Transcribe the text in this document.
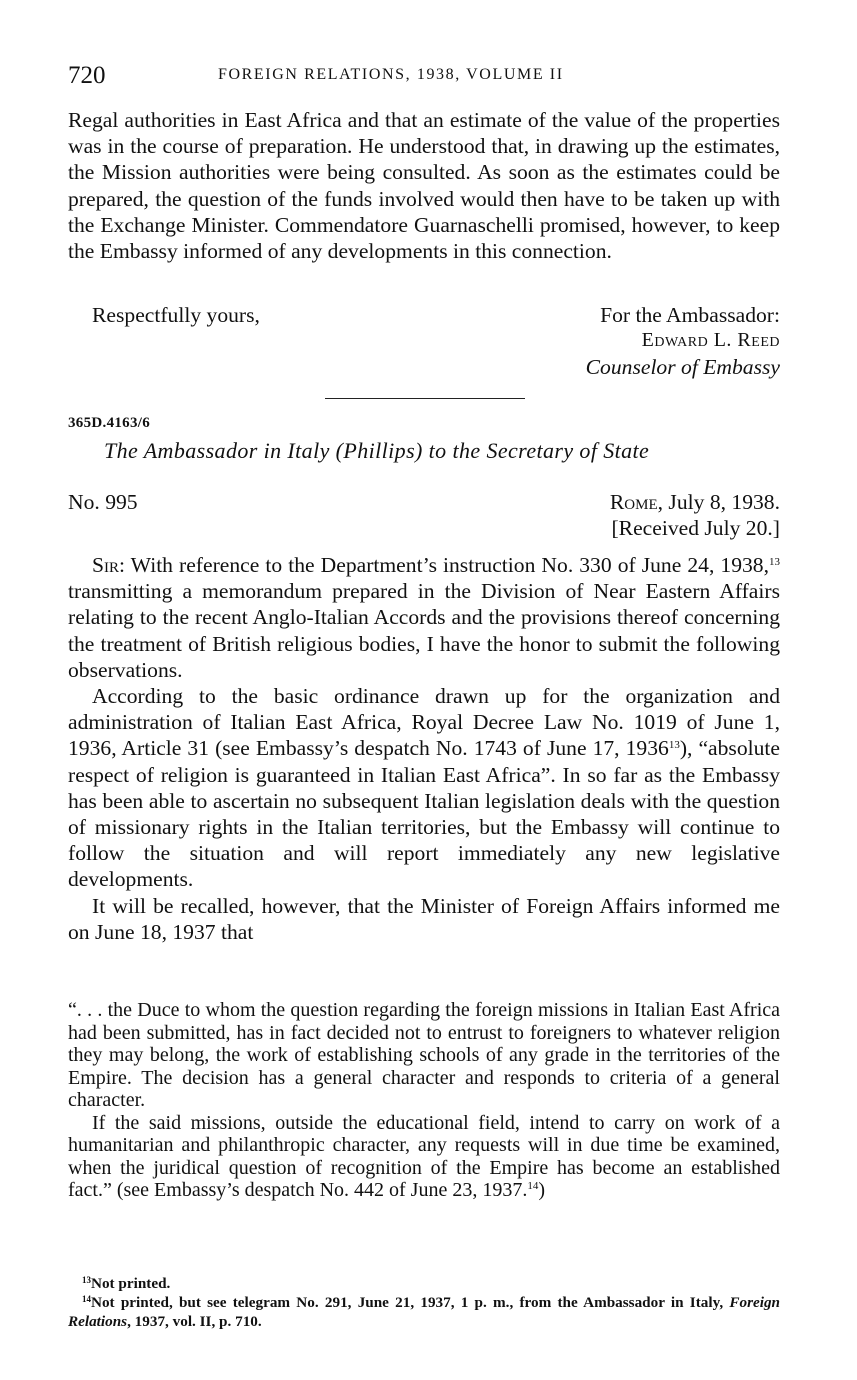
720	FOREIGN RELATIONS, 1938, VOLUME II

Regal authorities in East Africa and that an estimate of the value of the properties was in the course of preparation. He understood that, in drawing up the estimates, the Mission authorities were being consulted. As soon as the estimates could be prepared, the question of the funds involved would then have to be taken up with the Exchange Minister. Commendatore Guarnaschelli promised, however, to keep the Embassy informed of any developments in this connection.

Respectfully yours,	For the Ambassador:
Edward L. Reed
Counselor of Embassy
365D.4163/6
The Ambassador in Italy (Phillips) to the Secretary of State
No. 995	Rome, July 8, 1938.
[Received July 20.]

Sir: With reference to the Department’s instruction No. 330 of June 24, 1938,13 transmitting a memorandum prepared in the Division of Near Eastern Affairs relating to the recent Anglo-Italian Accords and the provisions thereof concerning the treatment of British religious bodies, I have the honor to submit the following observations.

According to the basic ordinance drawn up for the organization and administration of Italian East Africa, Royal Decree Law No. 1019 of June 1, 1936, Article 31 (see Embassy’s despatch No. 1743 of June 17, 1936$^{13}$), “absolute respect of religion is guaranteed in Italian East Africa”. In so far as the Embassy has been able to ascertain no subsequent Italian legislation deals with the question of missionary rights in the Italian territories, but the Embassy will continue to follow the situation and will report immediately any new legislative developments.

It will be recalled, however, that the Minister of Foreign Affairs informed me on June 18, 1937 that

“. . . the Duce to whom the question regarding the foreign missions in Italian East Africa had been submitted, has in fact decided not to entrust to foreigners to whatever religion they may belong, the work of establishing schools of any grade in the territories of the Empire. The decision has a general character and responds to criteria of a general character.

If the said missions, outside the educational field, intend to carry on work of a humanitarian and philanthropic character, any requests will in due time be examined, when the juridical question of recognition of the Empire has become an established fact.” (see Embassy’s despatch No. 442 of June 23, 1937.14)

$^{13}$Not printed.

$^{14}$Not printed, but see telegram No. 291, June 21, 1937, 1 p. m., from the Ambassador in Italy, Foreign Relations, 1937, vol. II, p. 710.
